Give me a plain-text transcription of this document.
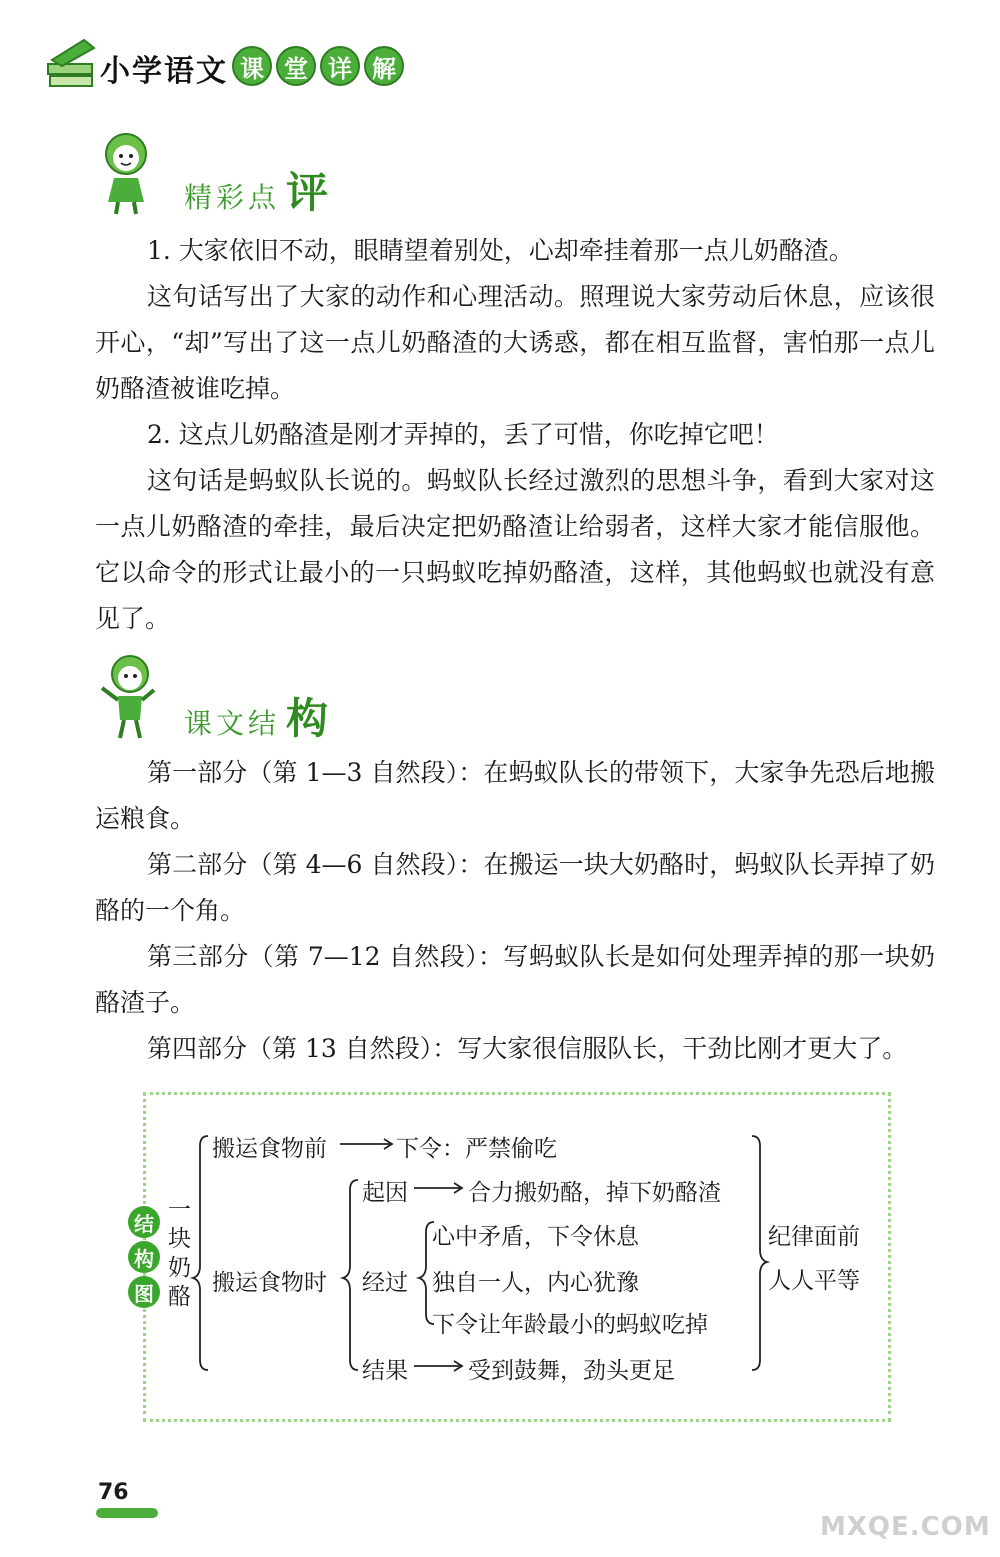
小学语文 课 堂 详 解
精彩点 评
1. 大家依旧不动，眼睛望着别处，心却牵挂着那一点儿奶酪渣。
这句话写出了大家的动作和心理活动。照理说大家劳动后休息，应该很开心，“却”写出了这一点儿奶酪渣的大诱惑，都在相互监督，害怕那一点儿奶酪渣被谁吃掉。
2. 这点儿奶酪渣是刚才弄掉的，丢了可惜，你吃掉它吧！
这句话是蚂蚁队长说的。蚂蚁队长经过激烈的思想斗争，看到大家对这一点儿奶酪渣的牵挂，最后决定把奶酪渣让给弱者，这样大家才能信服他。它以命令的形式让最小的一只蚂蚁吃掉奶酪渣，这样，其他蚂蚁也就没有意见了。
课文结 构
第一部分（第 1—3 自然段）：在蚂蚁队长的带领下，大家争先恐后地搬运粮食。
第二部分（第 4—6 自然段）：在搬运一块大奶酪时，蚂蚁队长弄掉了奶酪的一个角。
第三部分（第 7—12 自然段）：写蚂蚁队长是如何处理弄掉的那一块奶酪渣子。
第四部分（第 13 自然段）：写大家很信服队长，干劲比刚才更大了。
结
构
图
一
块
奶
酪
搬运食物前	下令：严禁偷吃
搬运食物时
起因	合力搬奶酪，掉下奶酪渣
经过
心中矛盾，下令休息
独自一人，内心犹豫
下令让年龄最小的蚂蚁吃掉
结果	受到鼓舞，劲头更足
纪律面前
人人平等
76
MXQE.COM
